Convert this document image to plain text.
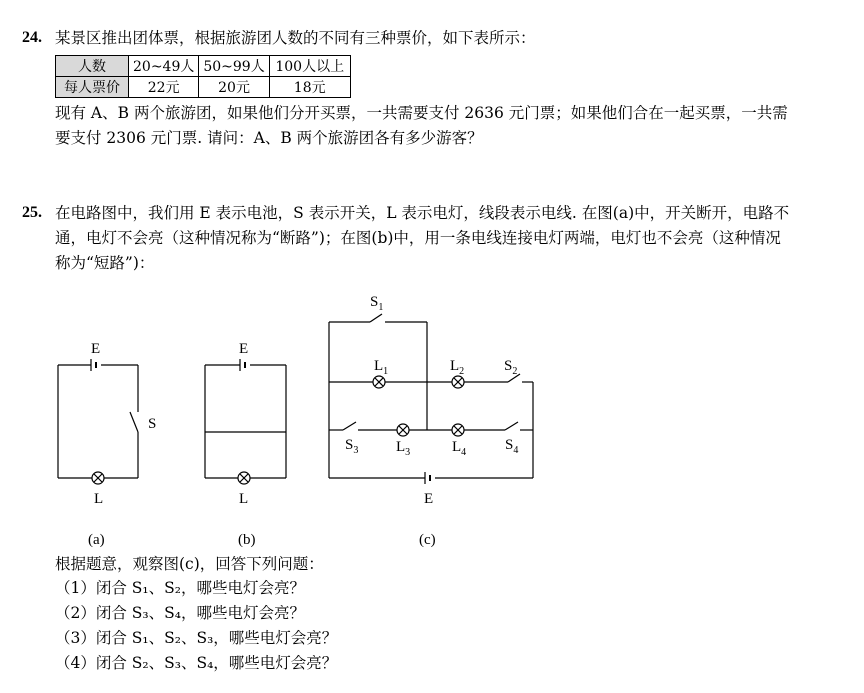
24. 某景区推出团体票，根据旅游团人数的不同有三种票价，如下表所示：
人数	20~49人	50~99人	100人以上
每人票价	22元	20元	18元
现有 A、B 两个旅游团，如果他们分开买票，一共需要支付 2636 元门票；如果他们合在一起买票，一共需
要支付 2306 元门票. 请问：A、B 两个旅游团各有多少游客？
25. 在电路图中，我们用 E 表示电池，S 表示开关，L 表示电灯，线段表示电线. 在图(a)中，开关断开，电路不
通，电灯不会亮（这种情况称为“断路”)；在图(b)中，用一条电线连接电灯两端，电灯也不会亮（这种情况
称为“短路”)：
E
S
L
(a)
E
L
(b)
$S_1$
$L_1$	$L_2$	$S_2$
$S_3$	$L_3$	$L_4$	$S_4$
E
(c)
根据题意，观察图(c)，回答下列问题：
（1）闭合 S₁、S₂，哪些电灯会亮？
（2）闭合 S₃、S₄，哪些电灯会亮？
（3）闭合 S₁、S₂、S₃，哪些电灯会亮？
（4）闭合 S₂、S₃、S₄，哪些电灯会亮？
